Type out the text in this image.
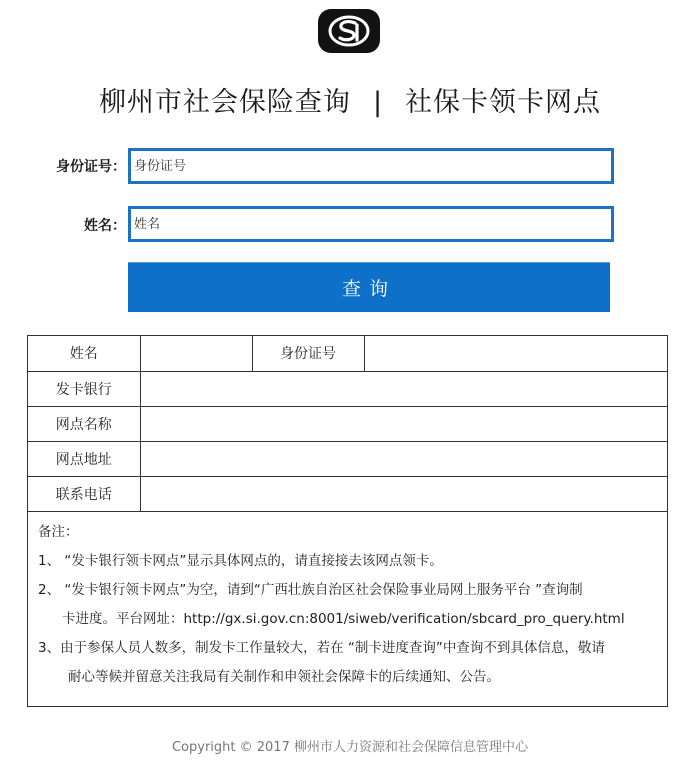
柳州市社会保险查询 | 社保卡领卡网点
身份证号：
身份证号
姓名：
姓名
查询
姓名		身份证号	
发卡银行			
网点名称			
网点地址			
联系电话			
备注：
1、 “发卡银行领卡网点”显示具体网点的，请直接接去该网点领卡。
2、 “发卡银行领卡网点”为空，请到“广西壮族自治区社会保险事业局网上服务平台 ”查询制
卡进度。平台网址：http://gx.si.gov.cn:8001/siweb/verification/sbcard_pro_query.html
3、由于参保人员人数多，制发卡工作量较大，若在 “制卡进度查询”中查询不到具体信息，敬请
耐心等候并留意关注我局有关制作和申领社会保障卡的后续通知、公告。
Copyright © 2017 柳州市人力资源和社会保障信息管理中心
